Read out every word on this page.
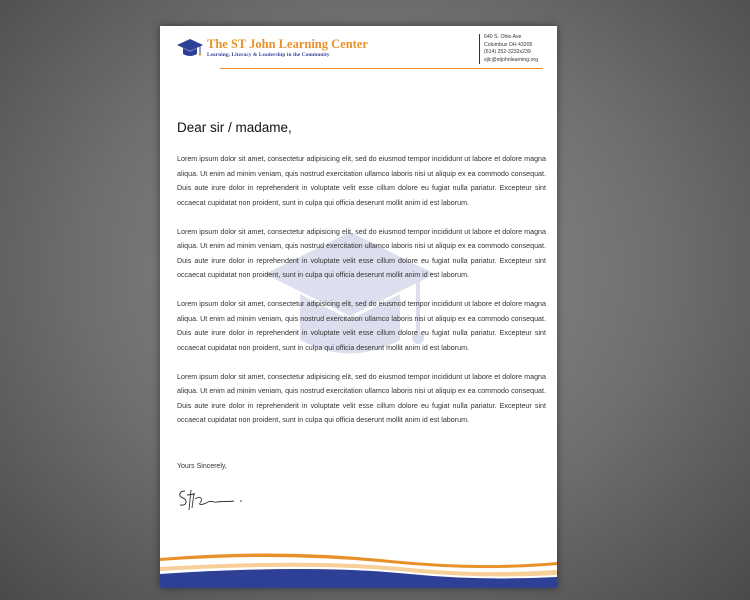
The ST John Learning Center
Learning, Literacy & Leadership in the Community
640 S. Ohio Ave
Columbus OH 43205
(614) 252-3232x239
sjlc@stjohnlearning.org
Dear sir / madame,

Lorem ipsum dolor sit amet, consectetur adipisicing elit, sed do eiusmod tempor incididunt ut labore et dolore magna aliqua. Ut enim ad minim veniam, quis nostrud exercitation ullamco laboris nisi ut aliquip ex ea commodo consequat. Duis aute irure dolor in reprehenderit in voluptate velit esse cillum dolore eu fugiat nulla pariatur. Excepteur sint occaecat cupidatat non proident, sunt in culpa qui officia deserunt mollit anim id est laborum.

Lorem ipsum dolor sit amet, consectetur adipisicing elit, sed do eiusmod tempor incididunt ut labore et dolore magna aliqua. Ut enim ad minim veniam, quis nostrud exercitation ullamco laboris nisi ut aliquip ex ea commodo consequat. Duis aute irure dolor in reprehenderit in voluptate velit esse cillum dolore eu fugiat nulla pariatur. Excepteur sint occaecat cupidatat non proident, sunt in culpa qui officia deserunt mollit anim id est laborum.

Lorem ipsum dolor sit amet, consectetur adipisicing elit, sed do eiusmod tempor incididunt ut labore et dolore magna aliqua. Ut enim ad minim veniam, quis nostrud exercitation ullamco laboris nisi ut aliquip ex ea commodo consequat. Duis aute irure dolor in reprehenderit in voluptate velit esse cillum dolore eu fugiat nulla pariatur. Excepteur sint occaecat cupidatat non proident, sunt in culpa qui officia deserunt mollit anim id est laborum.

Lorem ipsum dolor sit amet, consectetur adipisicing elit, sed do eiusmod tempor incididunt ut labore et dolore magna aliqua. Ut enim ad minim veniam, quis nostrud exercitation ullamco laboris nisi ut aliquip ex ea commodo consequat. Duis aute irure dolor in reprehenderit in voluptate velit esse cillum dolore eu fugiat nulla pariatur. Excepteur sint occaecat cupidatat non proident, sunt in culpa qui officia deserunt mollit anim id est laborum.

Yours Sincerely,
